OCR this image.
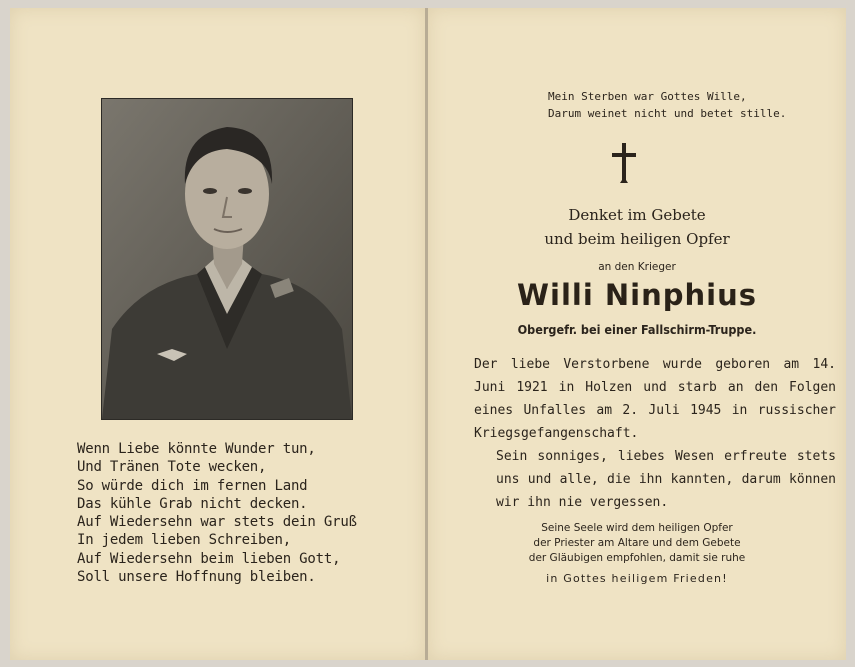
Wenn Liebe könnte Wunder tun,
Und Tränen Tote wecken,
So würde dich im fernen Land
Das kühle Grab nicht decken.
Auf Wiedersehn war stets dein Gruß
In jedem lieben Schreiben,
Auf Wiedersehn beim lieben Gott,
Soll unsere Hoffnung bleiben.
Mein Sterben war Gottes Wille,
Darum weinet nicht und betet stille.
Denket im Gebete
und beim heiligen Opfer
an den Krieger
Willi Ninphius
Obergefr. bei einer Fallschirm-Truppe.

Der liebe Verstorbene wurde geboren am 14. Juni 1921 in Holzen und starb an den Folgen eines Unfalles am 2. Juli 1945 in russischer Kriegsgefangenschaft.

Sein sonniges, liebes Wesen erfreute stets uns und alle, die ihn kannten, darum können wir ihn nie vergessen.

Seine Seele wird dem heiligen Opfer
der Priester am Altare und dem Gebete
der Gläubigen empfohlen, damit sie ruhe
in Gottes heiligem Frieden!
